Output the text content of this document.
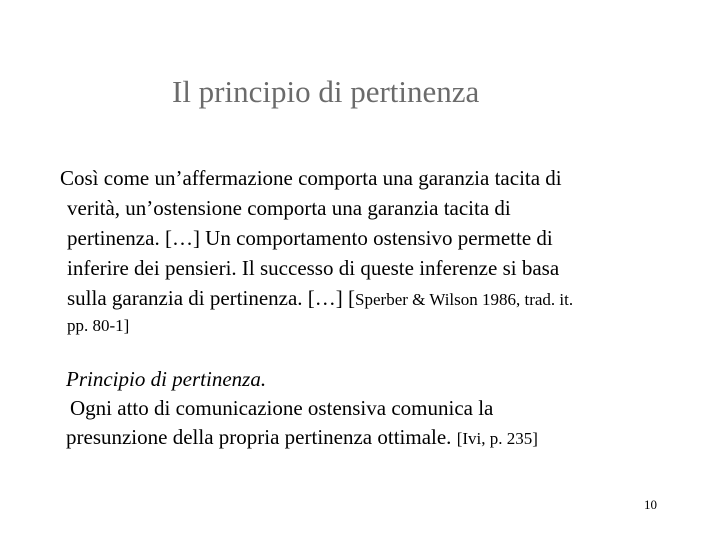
Il principio di pertinenza
Così come un’affermazione comporta una garanzia tacita di
verità, un’ostensione comporta una garanzia tacita di
pertinenza. […] Un comportamento ostensivo permette di
inferire dei pensieri. Il successo di queste inferenze si basa
sulla garanzia di pertinenza. […] [Sperber & Wilson 1986, trad. it.
pp. 80-1]
Principio di pertinenza.
Ogni atto di comunicazione ostensiva comunica la
presunzione della propria pertinenza ottimale. [Ivi, p. 235]
10
